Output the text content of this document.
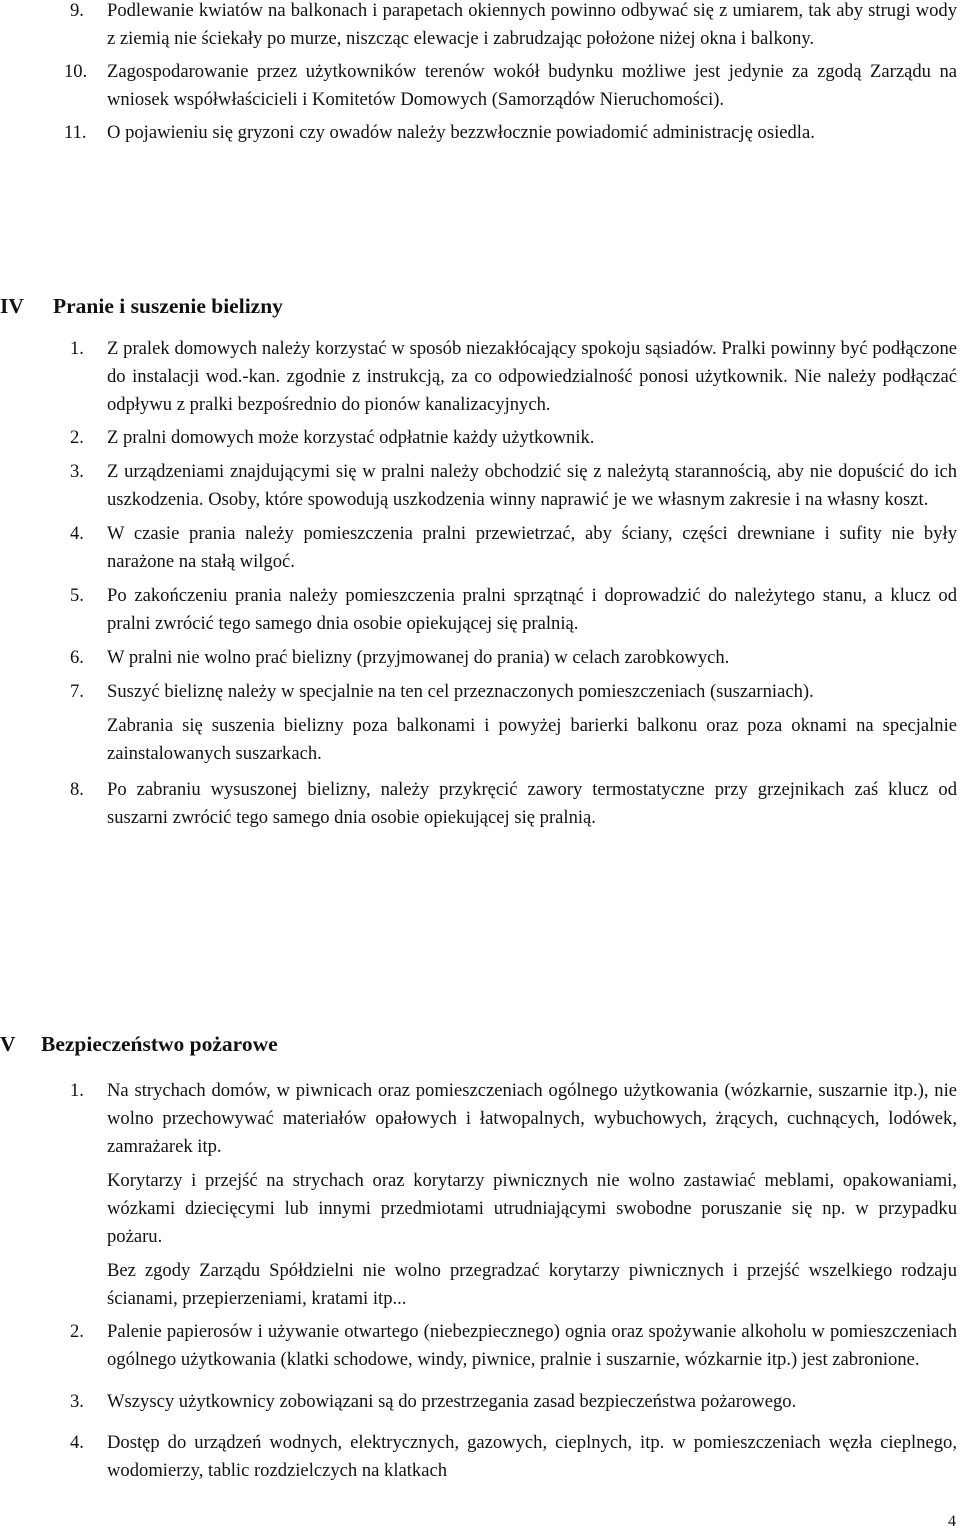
9. Podlewanie kwiatów na balkonach i parapetach okiennych powinno odbywać się z umiarem, tak aby strugi wody z ziemią nie ściekały po murze, niszcząc elewacje i zabrudzając położone niżej okna i balkony.

10. Zagospodarowanie przez użytkowników terenów wokół budynku możliwe jest jedynie za zgodą Zarządu na wniosek współwłaścicieli i Komitetów Domowych (Samorządów Nieruchomości).

11. O pojawieniu się gryzoni czy owadów należy bezzwłocznie powiadomić administrację osiedla.

IV Pranie i suszenie bielizny
1. Z pralek domowych należy korzystać w sposób niezakłócający spokoju sąsiadów. Pralki powinny być podłączone do instalacji wod.-kan. zgodnie z instrukcją, za co odpowiedzialność ponosi użytkownik. Nie należy podłączać odpływu z pralki bezpośrednio do pionów kanalizacyjnych.

2. Z pralni domowych może korzystać odpłatnie każdy użytkownik.

3. Z urządzeniami znajdującymi się w pralni należy obchodzić się z należytą starannością, aby nie dopuścić do ich uszkodzenia. Osoby, które spowodują uszkodzenia winny naprawić je we własnym zakresie i na własny koszt.

4. W czasie prania należy pomieszczenia pralni przewietrzać, aby ściany, części drewniane i sufity nie były narażone na stałą wilgoć.

5. Po zakończeniu prania należy pomieszczenia pralni sprzątnąć i doprowadzić do należytego stanu, a klucz od pralni zwrócić tego samego dnia osobie opiekującej się pralnią.

6. W pralni nie wolno prać bielizny (przyjmowanej do prania) w celach zarobkowych.

7. Suszyć bieliznę należy w specjalnie na ten cel przeznaczonych pomieszczeniach (suszarniach).

Zabrania się suszenia bielizny poza balkonami i powyżej barierki balkonu oraz poza oknami na specjalnie zainstalowanych suszarkach.

8. Po zabraniu wysuszonej bielizny, należy przykręcić zawory termostatyczne przy grzejnikach zaś klucz od suszarni zwrócić tego samego dnia osobie opiekującej się pralnią.

V Bezpieczeństwo pożarowe
1. Na strychach domów, w piwnicach oraz pomieszczeniach ogólnego użytkowania (wózkarnie, suszarnie itp.), nie wolno przechowywać materiałów opałowych i łatwopalnych, wybuchowych, żrących, cuchnących, lodówek, zamrażarek itp.

Korytarzy i przejść na strychach oraz korytarzy piwnicznych nie wolno zastawiać meblami, opakowaniami, wózkami dziecięcymi lub innymi przedmiotami utrudniającymi swobodne poruszanie się np. w przypadku pożaru.

Bez zgody Zarządu Spółdzielni nie wolno przegradzać korytarzy piwnicznych i przejść wszelkiego rodzaju ścianami, przepierzeniami, kratami itp...

2. Palenie papierosów i używanie otwartego (niebezpiecznego) ognia oraz spożywanie alkoholu w pomieszczeniach ogólnego użytkowania (klatki schodowe, windy, piwnice, pralnie i suszarnie, wózkarnie itp.) jest zabronione.

3. Wszyscy użytkownicy zobowiązani są do przestrzegania zasad bezpieczeństwa pożarowego.

4. Dostęp do urządzeń wodnych, elektrycznych, gazowych, cieplnych, itp. w pomieszczeniach węzła cieplnego, wodomierzy, tablic rozdzielczych na klatkach

4
